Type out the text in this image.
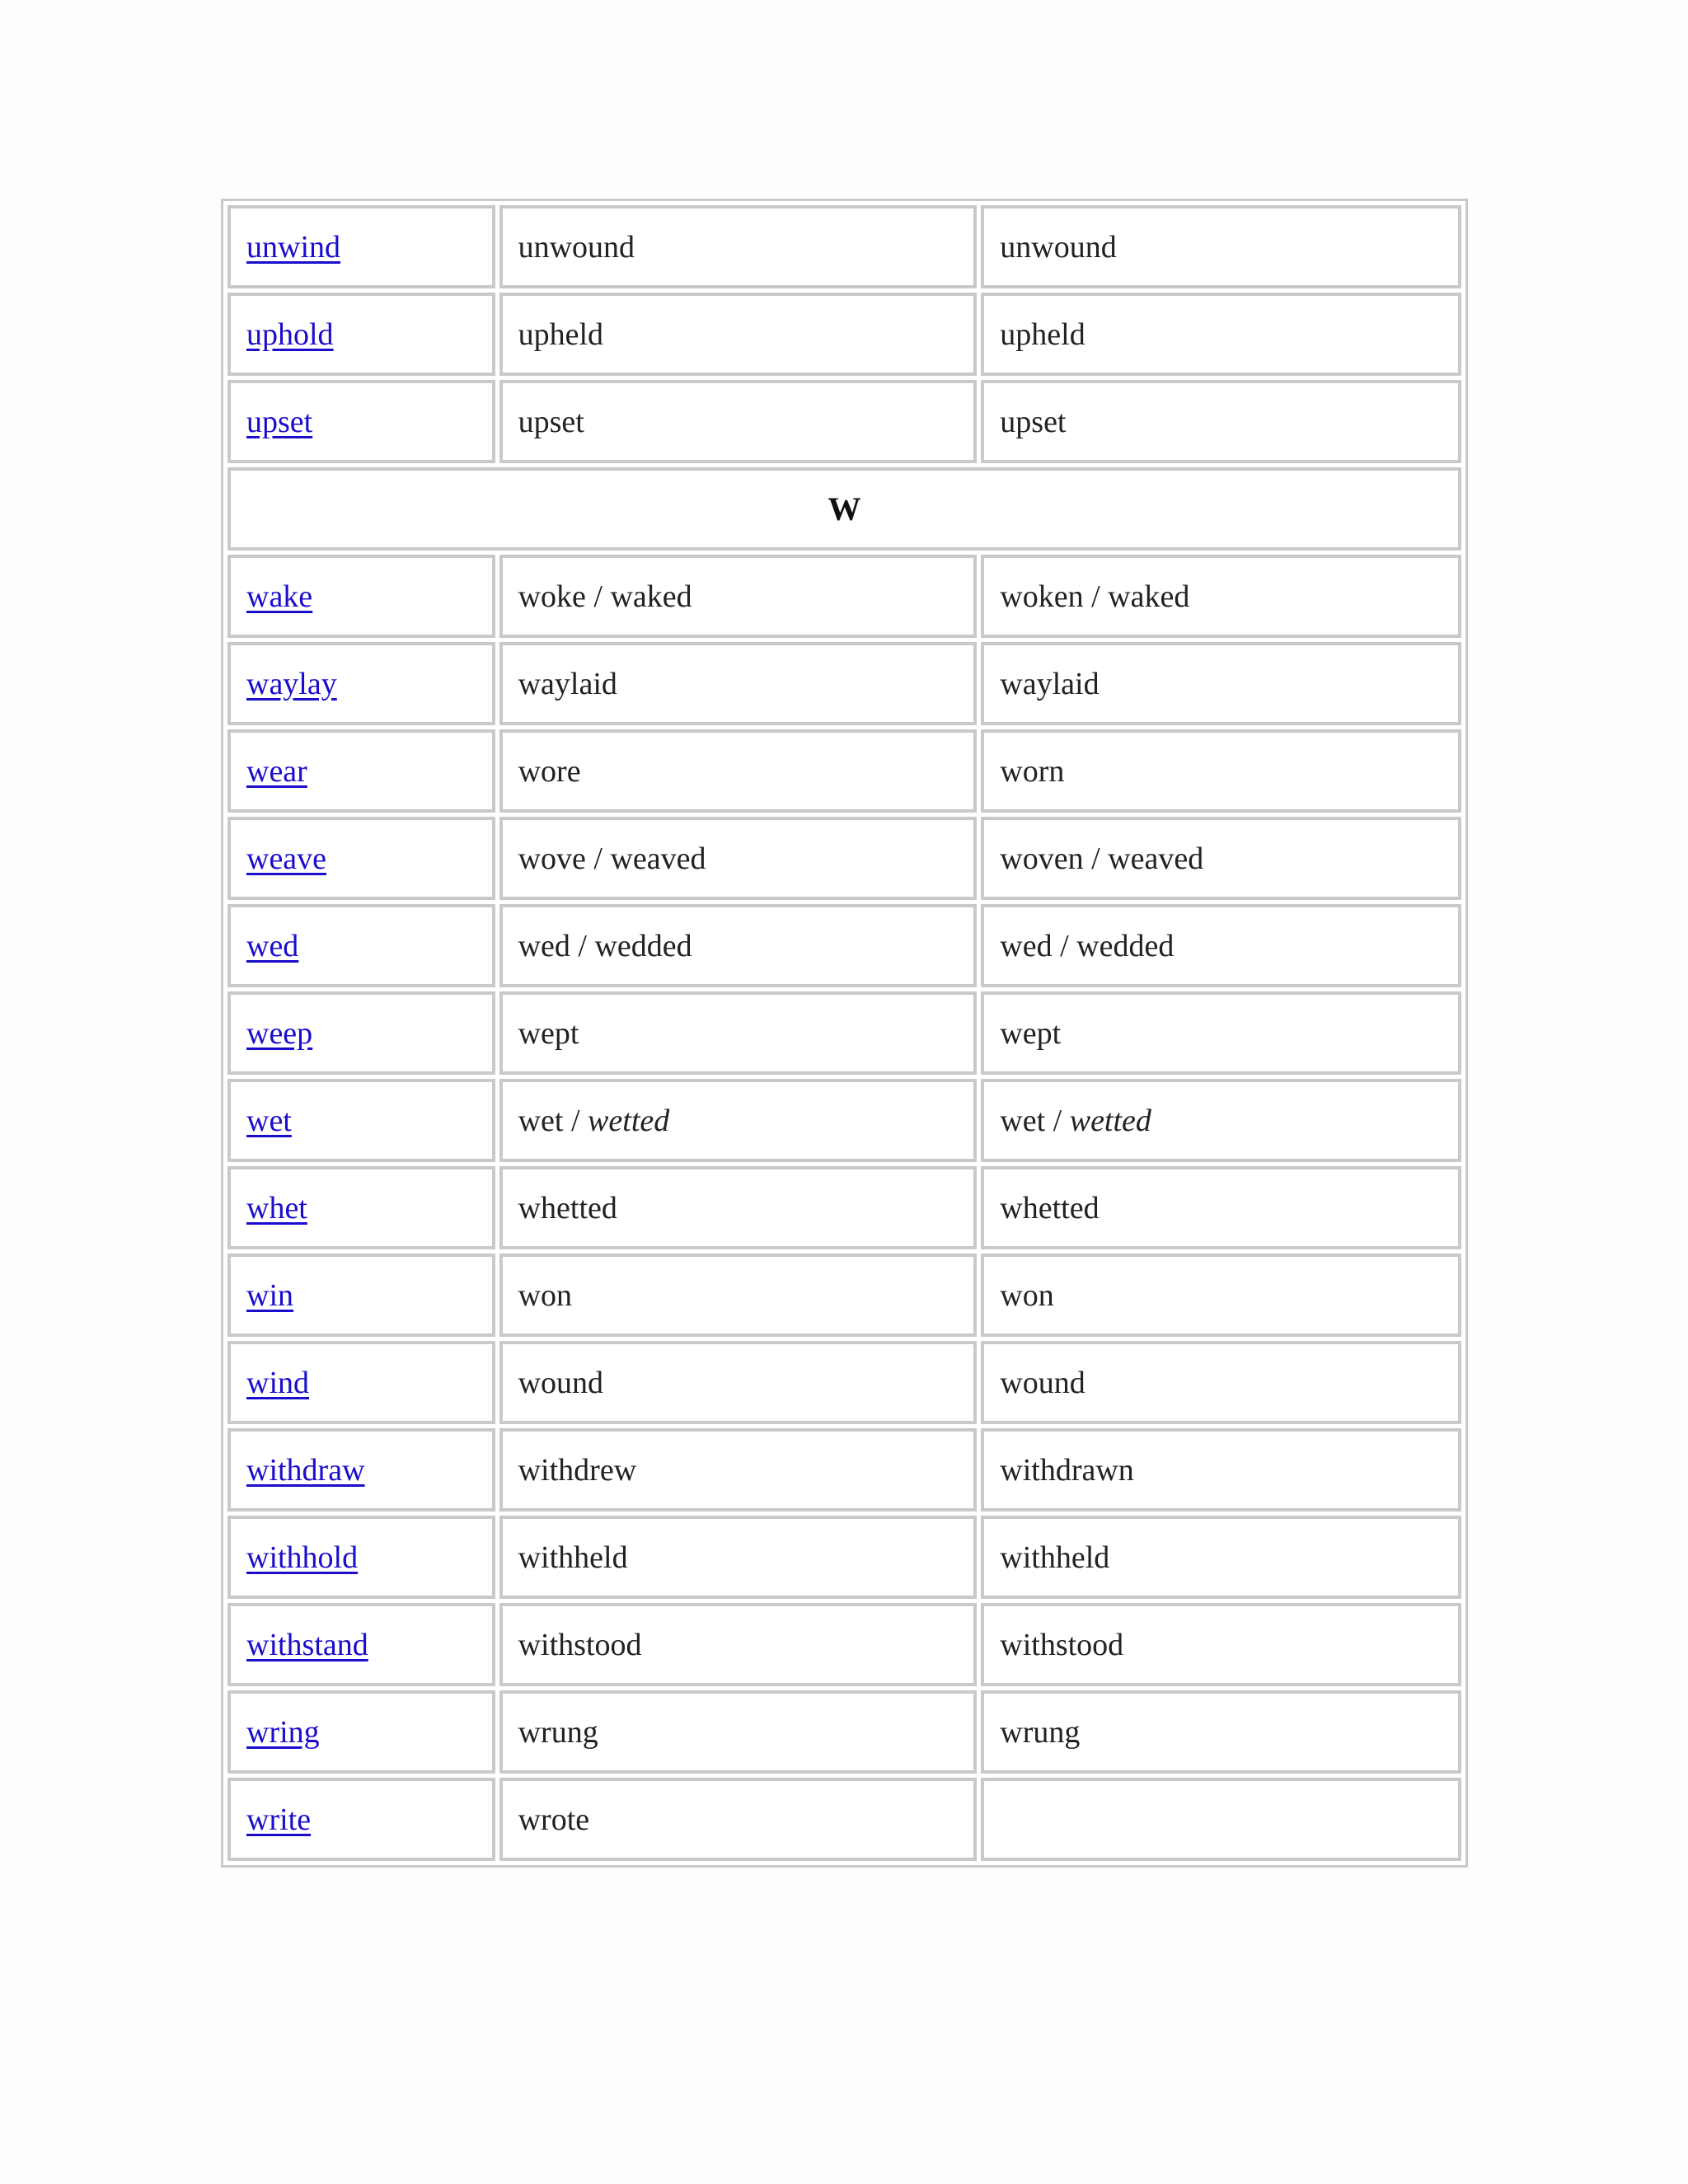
unwind	unwound	unwound
uphold	upheld	upheld
upset	upset	upset
W		
wake	woke / waked	woken / waked
waylay	waylaid	waylaid
wear	wore	worn
weave	wove / weaved	woven / weaved
wed	wed / wedded	wed / wedded
weep	wept	wept
wet	wet / wetted	wet / wetted
whet	whetted	whetted
win	won	won
wind	wound	wound
withdraw	withdrew	withdrawn
withhold	withheld	withheld
withstand	withstood	withstood
wring	wrung	wrung
write	wrote	
